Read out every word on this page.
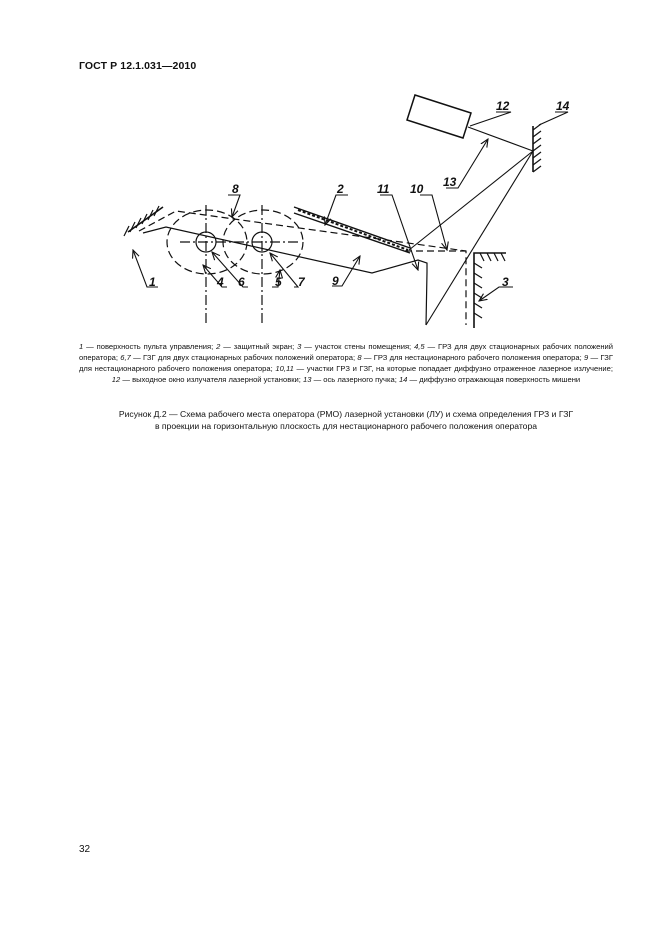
ГОСТ Р 12.1.031—2010
1
2
3
4	5
6	7
8
9
10
11
12
13
14
1 — поверхность пульта управления; 2 — защитный экран; 3 — участок стены помещения; 4,5 — ГРЗ для двух стационарных рабочих положений оператора; 6,7 — ГЗГ для двух стационарных рабочих положений оператора; 8 — ГРЗ для нестационарного рабочего положения оператора; 9 — ГЗГ для нестационарного рабочего положения оператора; 10,11 — участки ГРЗ и ГЗГ, на которые попадает диффузно отраженное лазерное излучение; 12 — выходное окно излучателя лазерной установки; 13 — ось лазерного пучка; 14 — диффузно отражающая поверхность мишени
Рисунок Д.2 — Схема рабочего места оператора (РМО) лазерной установки (ЛУ) и схема определения ГРЗ и ГЗГ
в проекции на горизонтальную плоскость для нестационарного рабочего положения оператора
32
